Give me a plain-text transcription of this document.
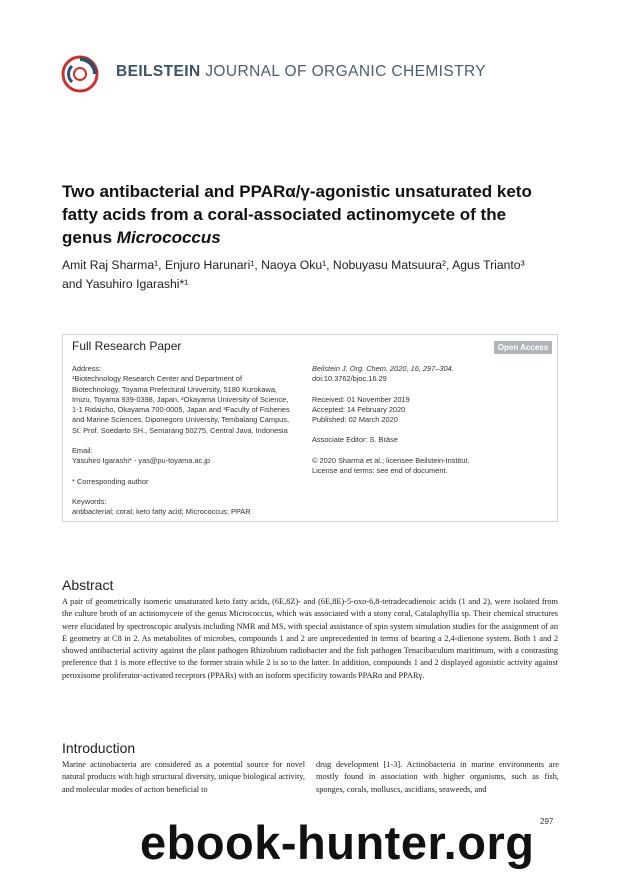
BEILSTEIN JOURNAL OF ORGANIC CHEMISTRY
Two antibacterial and PPARα/γ-agonistic unsaturated keto
fatty acids from a coral-associated actinomycete of the
genus Micrococcus
Amit Raj Sharma¹, Enjuro Harunari¹, Naoya Oku¹, Nobuyasu Matsuura², Agus Trianto³
and Yasuhiro Igarashi*¹
Full Research Paper	Open Access

Address:

¹Biotechnology Research Center and Department of Biotechnology, Toyama Prefectural University, 5180 Kurokawa, Imizu, Toyama 939-0398, Japan, ²Okayama University of Science, 1-1 Ridaicho, Okayama 700-0005, Japan and ³Faculty of Fisheries and Marine Sciences, Diponegoro University, Tembalang Campus, St. Prof. Soedarto SH., Semarang 50275, Central Java, Indonesia

Email:

Yasuhiro Igarashi* - yas@pu-toyama.ac.jp

* Corresponding author

Keywords:

antibacterial; coral; keto fatty acid; Micrococcus; PPAR

Beilstein J. Org. Chem. 2020, 16, 297–304.

doi:10.3762/bjoc.16.29

Received: 01 November 2019

Accepted: 14 February 2020

Published: 02 March 2020

Associate Editor: S. Bräse

© 2020 Sharma et al.; licensee Beilstein-Institut.

License and terms: see end of document.

Abstract
A pair of geometrically isomeric unsaturated keto fatty acids, (6E,8Z)- and (6E,8E)-5-oxo-6,8-tetradecadienoic acids (1 and 2), were isolated from the culture broth of an actinomycete of the genus Micrococcus, which was associated with a stony coral, Catalaphyllia sp. Their chemical structures were elucidated by spectroscopic analysis including NMR and MS, with special assistance of spin system simulation studies for the assignment of an E geometry at C8 in 2. As metabolites of microbes, compounds 1 and 2 are unprecedented in terms of bearing a 2,4-dienone system. Both 1 and 2 showed antibacterial activity against the plant pathogen Rhizobium radiobacter and the fish pathogen Tenacibaculum maritimum, with a contrasting preference that 1 is more effective to the former strain while 2 is so to the latter. In addition, compounds 1 and 2 displayed agonistic activity against peroxisome proliferator-activated receptors (PPARs) with an isoform specificity towards PPARα and PPARγ.
Introduction
Marine actinobacteria are considered as a potential source for novel natural products with high structural diversity, unique biological activity, and molecular modes of action beneficial to
drug development [1-3]. Actinobacteria in marine environments are mostly found in association with higher organisms, such as fish, sponges, corals, molluscs, ascidians, seaweeds, and
297
ebook-hunter.org
